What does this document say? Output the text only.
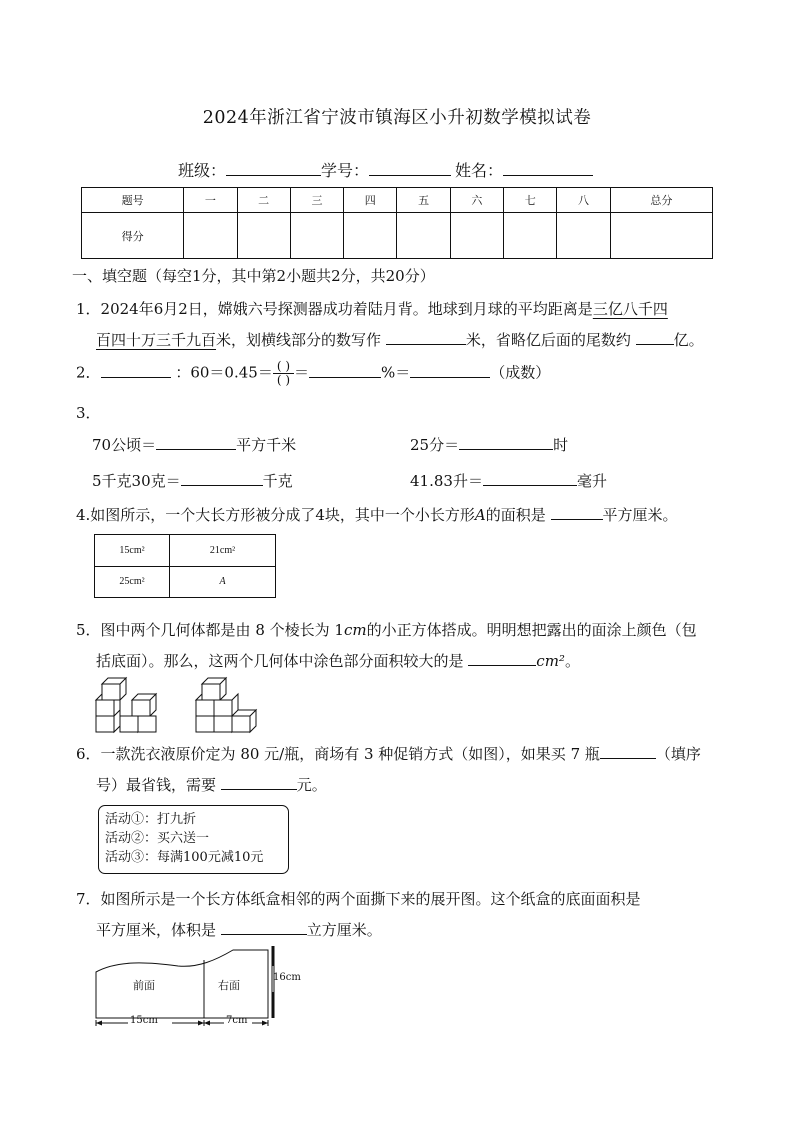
2024年浙江省宁波市镇海区小升初数学模拟试卷
班级：	学号：	姓名：
题号	一	二	三	四	五	六	七	八	总分
得分									
一、填空题（每空1分，其中第2小题共2分，共20分）
1．2024年6月2日，嫦娥六号探测器成功着陆月背。地球到月球的平均距离是三亿八千四
百四十万三千九百米，划横线部分的数写作	米，省略亿后面的尾数约	亿。
2．	：$60=0.45= \frac{( )}{( )}$ ＝	%＝	（成数）
3．
70公顷＝	平方千米	25分＝	时
5千克30克＝	千克	41.83升＝	毫升
4.如图所示，一个大长方形被分成了4块，其中一个小长方形A的面积是	平方厘米。
15cm²	21cm²
25cm²	A
5．图中两个几何体都是由 8 个棱长为 1cm的小正方体搭成。明明想把露出的面涂上颜色（包
括底面）。那么，这两个几何体中涂色部分面积较大的是	cm²。
6．一款洗衣液原价定为 80 元/瓶，商场有 3 种促销方式（如图），如果买 7 瓶	（填序
号）最省钱，需要	元。
活动①：打九折
活动②：买六送一
活动③：每满100元减10元
7．如图所示是一个长方体纸盒相邻的两个面撕下来的展开图。这个纸盒的底面面积是
平方厘米，体积是	立方厘米。
前面	右面
16cm
15cm	7cm
